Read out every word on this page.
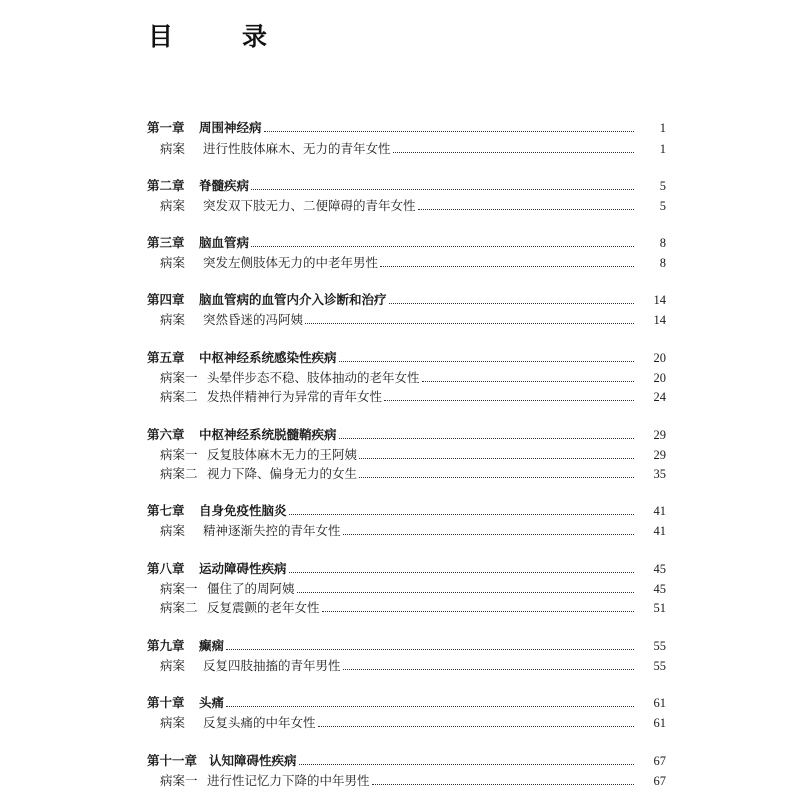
目　录
第一章	周围神经病	1
病案	进行性肢体麻木、无力的青年女性	1
第二章	脊髓疾病	5
病案	突发双下肢无力、二便障碍的青年女性	5
第三章	脑血管病	8
病案	突发左侧肢体无力的中老年男性	8
第四章	脑血管病的血管内介入诊断和治疗	14
病案	突然昏迷的冯阿姨	14
第五章	中枢神经系统感染性疾病	20
病案一 头晕伴步态不稳、肢体抽动的老年女性	20
病案二 发热伴精神行为异常的青年女性	24
第六章	中枢神经系统脱髓鞘疾病	29
病案一 反复肢体麻木无力的王阿姨	29
病案二 视力下降、偏身无力的女生	35
第七章	自身免疫性脑炎	41
病案	精神逐渐失控的青年女性	41
第八章	运动障碍性疾病	45
病案一 僵住了的周阿姨	45
病案二 反复震颤的老年女性	51
第九章	癫痫	55
病案	反复四肢抽搐的青年男性	55
第十章	头痛	61
病案	反复头痛的中年女性	61
第十一章 认知障碍性疾病	67
病案一 进行性记忆力下降的中年男性	67
